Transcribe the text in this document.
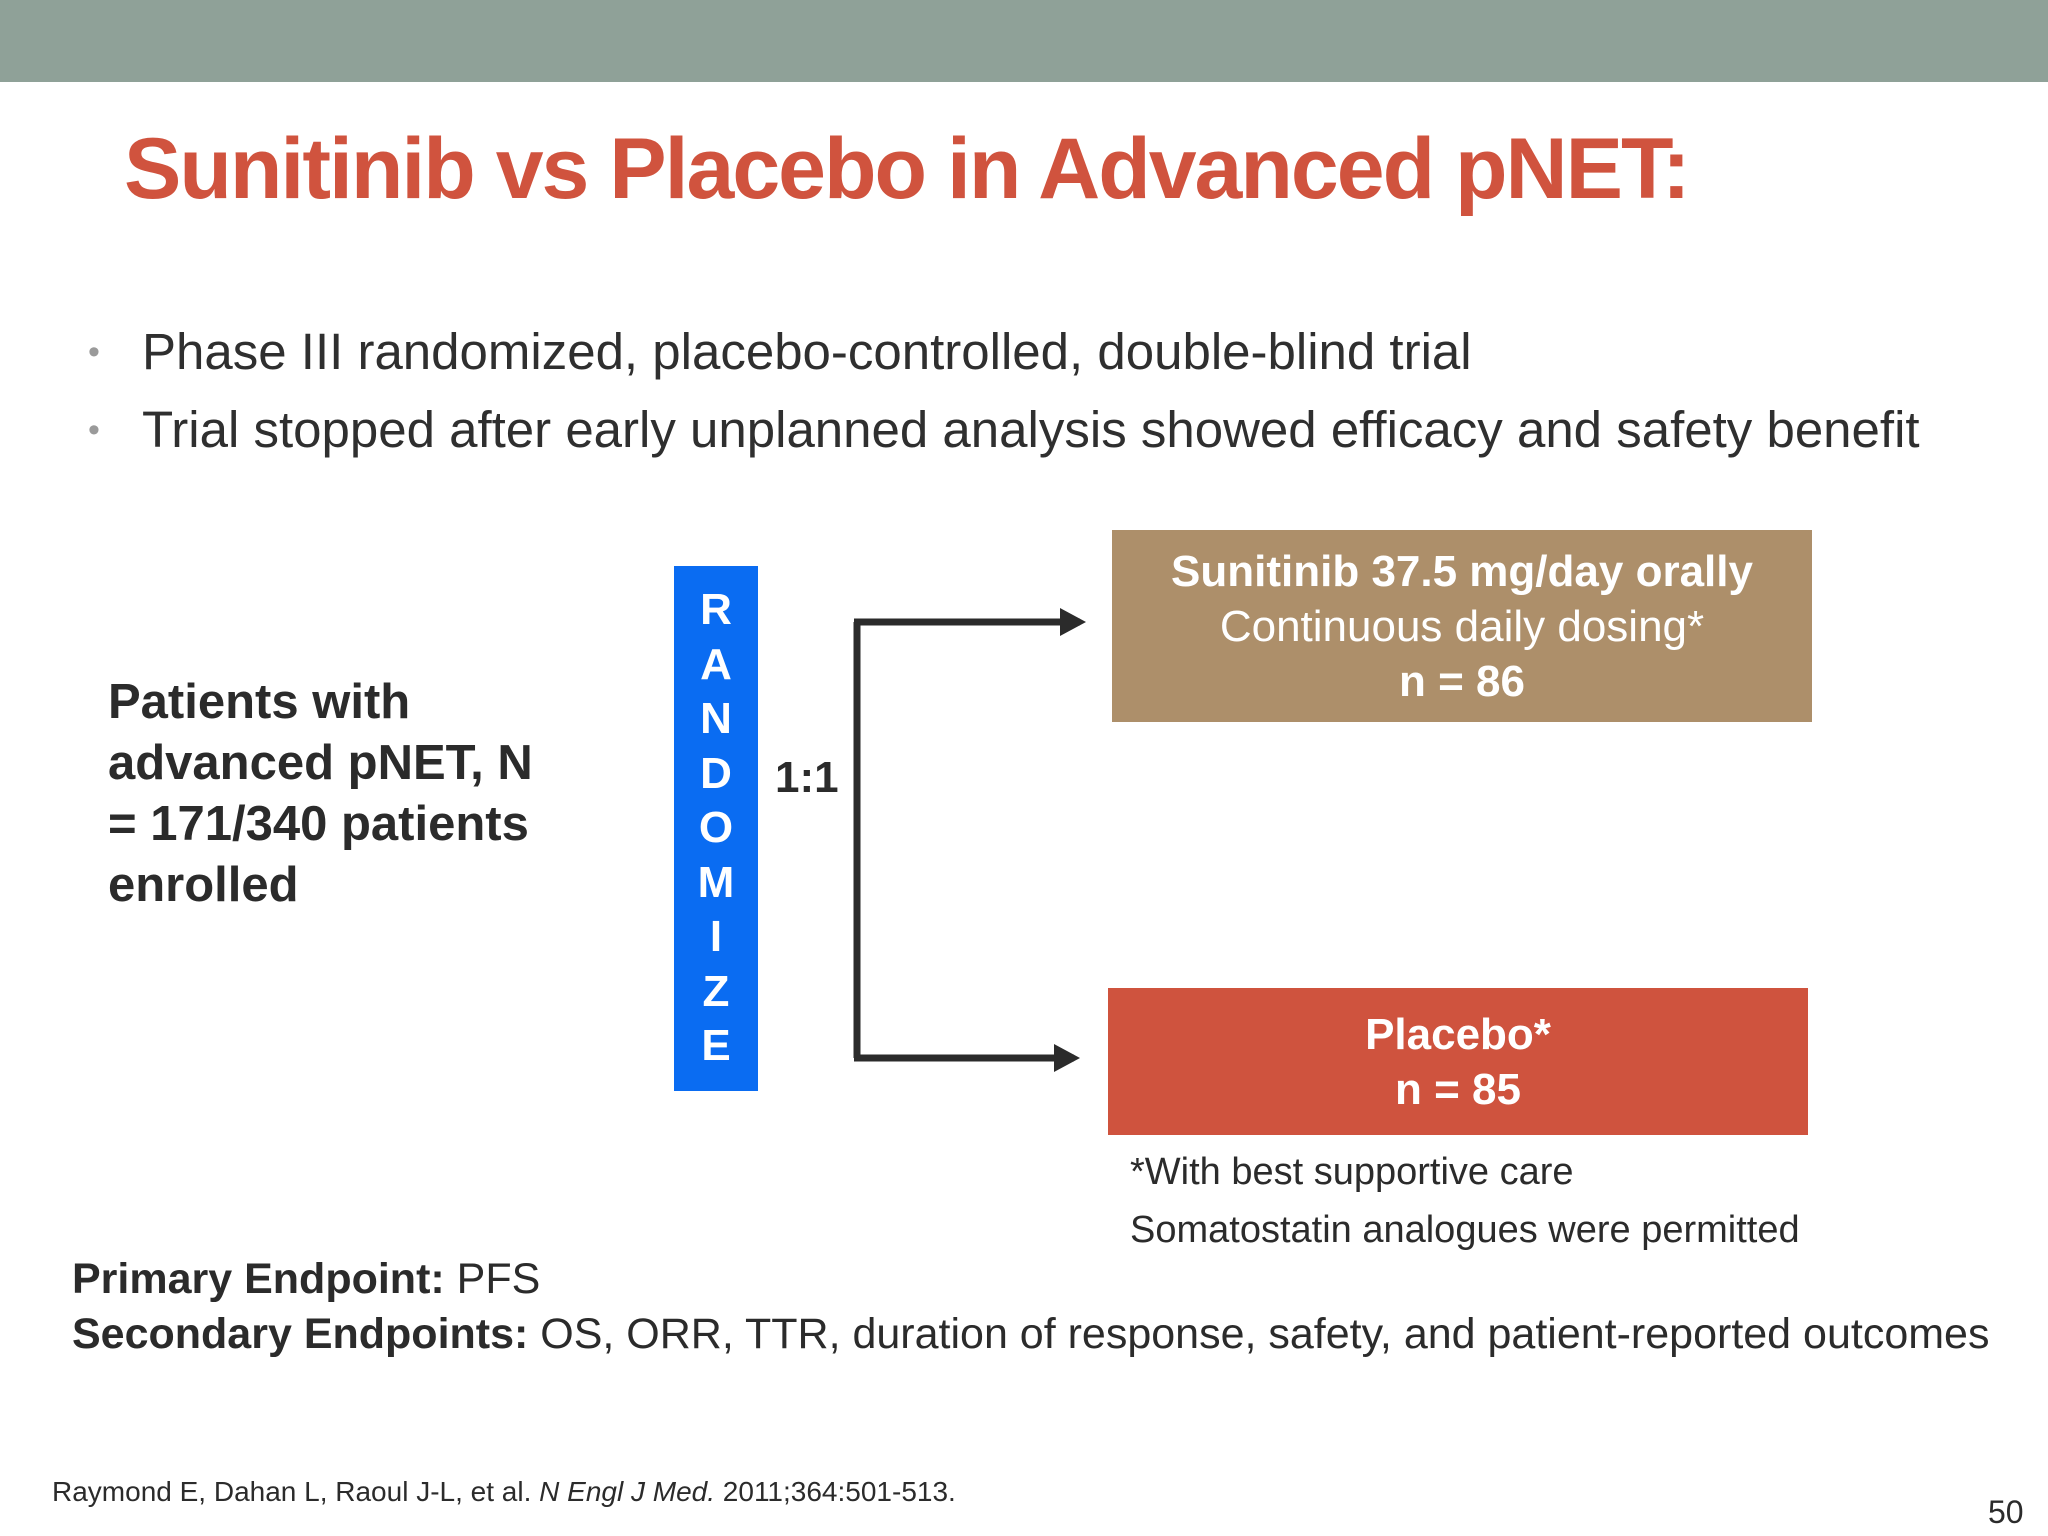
Sunitinib vs Placebo in Advanced pNET:
• Phase III randomized, placebo-controlled, double-blind trial
• Trial stopped after early unplanned analysis showed efficacy and safety benefit
Patients with advanced pNET, N = 171/340 patients enrolled
R
A
N
D
O
M
I
Z
E
1:1
Sunitinib 37.5 mg/day orally
Continuous daily dosing*
n = 86
Placebo*
n = 85
*With best supportive care
Somatostatin analogues were permitted
Primary Endpoint: PFS
Secondary Endpoints: OS, ORR, TTR, duration of response, safety, and patient-reported outcomes
Raymond E, Dahan L, Raoul J-L, et al. N Engl J Med. 2011;364:501-513.
50
